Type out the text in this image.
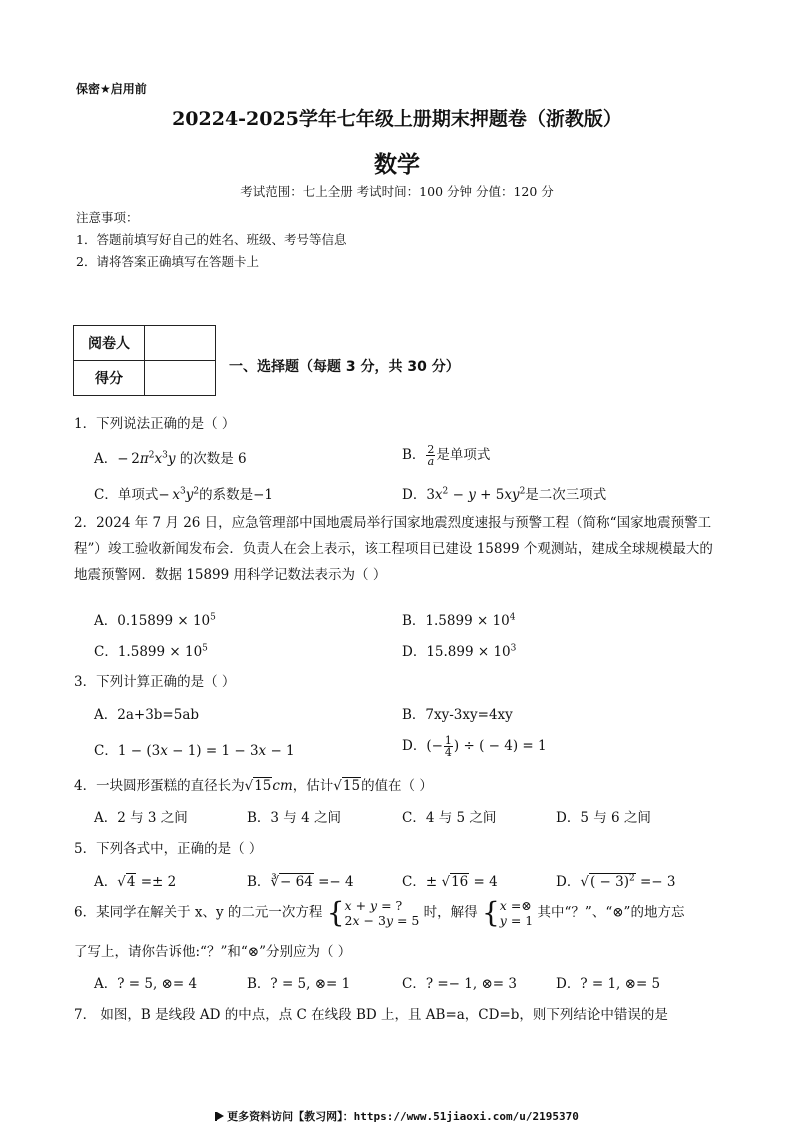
保密★启用前
20224-2025学年七年级上册期末押题卷（浙教版）
数学
考试范围：七上全册 考试时间：100 分钟 分值：120 分
注意事项：
1．答题前填写好自己的姓名、班级、考号等信息
2．请将答案正确填写在答题卡上
阅卷人	
得分	
一、选择题（每题 3 分，共 30 分）
1．下列说法正确的是（ ）
A．− $2\pi^2x^3y$ 的次数是 6	B． $\frac{2}{a}$ 是单项式
C．单项式− $x^3y^2$的系数是−1	D．$3x^2 - y + 5xy^2$是二次三项式
2．2024 年 7 月 26 日，应急管理部中国地震局举行国家地震烈度速报与预警工程（简称“国家地震预警工程”）竣工验收新闻发布会．负责人在会上表示，该工程项目已建设 15899 个观测站，建成全球规模最大的地震预警网．数据 15899 用科学记数法表示为（ ）
A．$0.15899 \times 10^5$	B．$1.5899 \times 10^4$
C．$1.5899 \times 10^5$	D．$15.899 \times 10^3$
3．下列计算正确的是（ ）
A．2a+3b=5ab	B．7xy-3xy=4xy
C．1 − (3x − 1) = 1 − 3x − 1	D．(− $\frac{1}{4}$ ) ÷ ( − 4) = 1
4．一块圆形蛋糕的直径长为√15cm，估计√15的值在（ ）
A．2 与 3 之间	B．3 与 4 之间	C．4 与 5 之间	D．5 与 6 之间
5．下列各式中，正确的是（ ）
A．√4 =± 2	B．∛− 64 =− 4	C．± √16 = 4	D．√( − 3)$^2$ =− 3
6．某同学在解关于 x、y 的二元一次方程 {x + y = ?
2x − 3y = 5 时，解得 {x =⊗
y = 1 其中“？”、“⊗”的地方忘
了写上，请你告诉他:“？”和“⊗”分别应为（ ）
A．? = 5, ⊗= 4	B．? = 5, ⊗= 1	C．? =− 1, ⊗= 3	D．? = 1, ⊗= 5
7． 如图，B 是线段 AD 的中点，点 C 在线段 BD 上，且 AB=a，CD=b，则下列结论中错误的是
更多资料访问【教习网】：https://www.51jiaoxi.com/u/2195370
